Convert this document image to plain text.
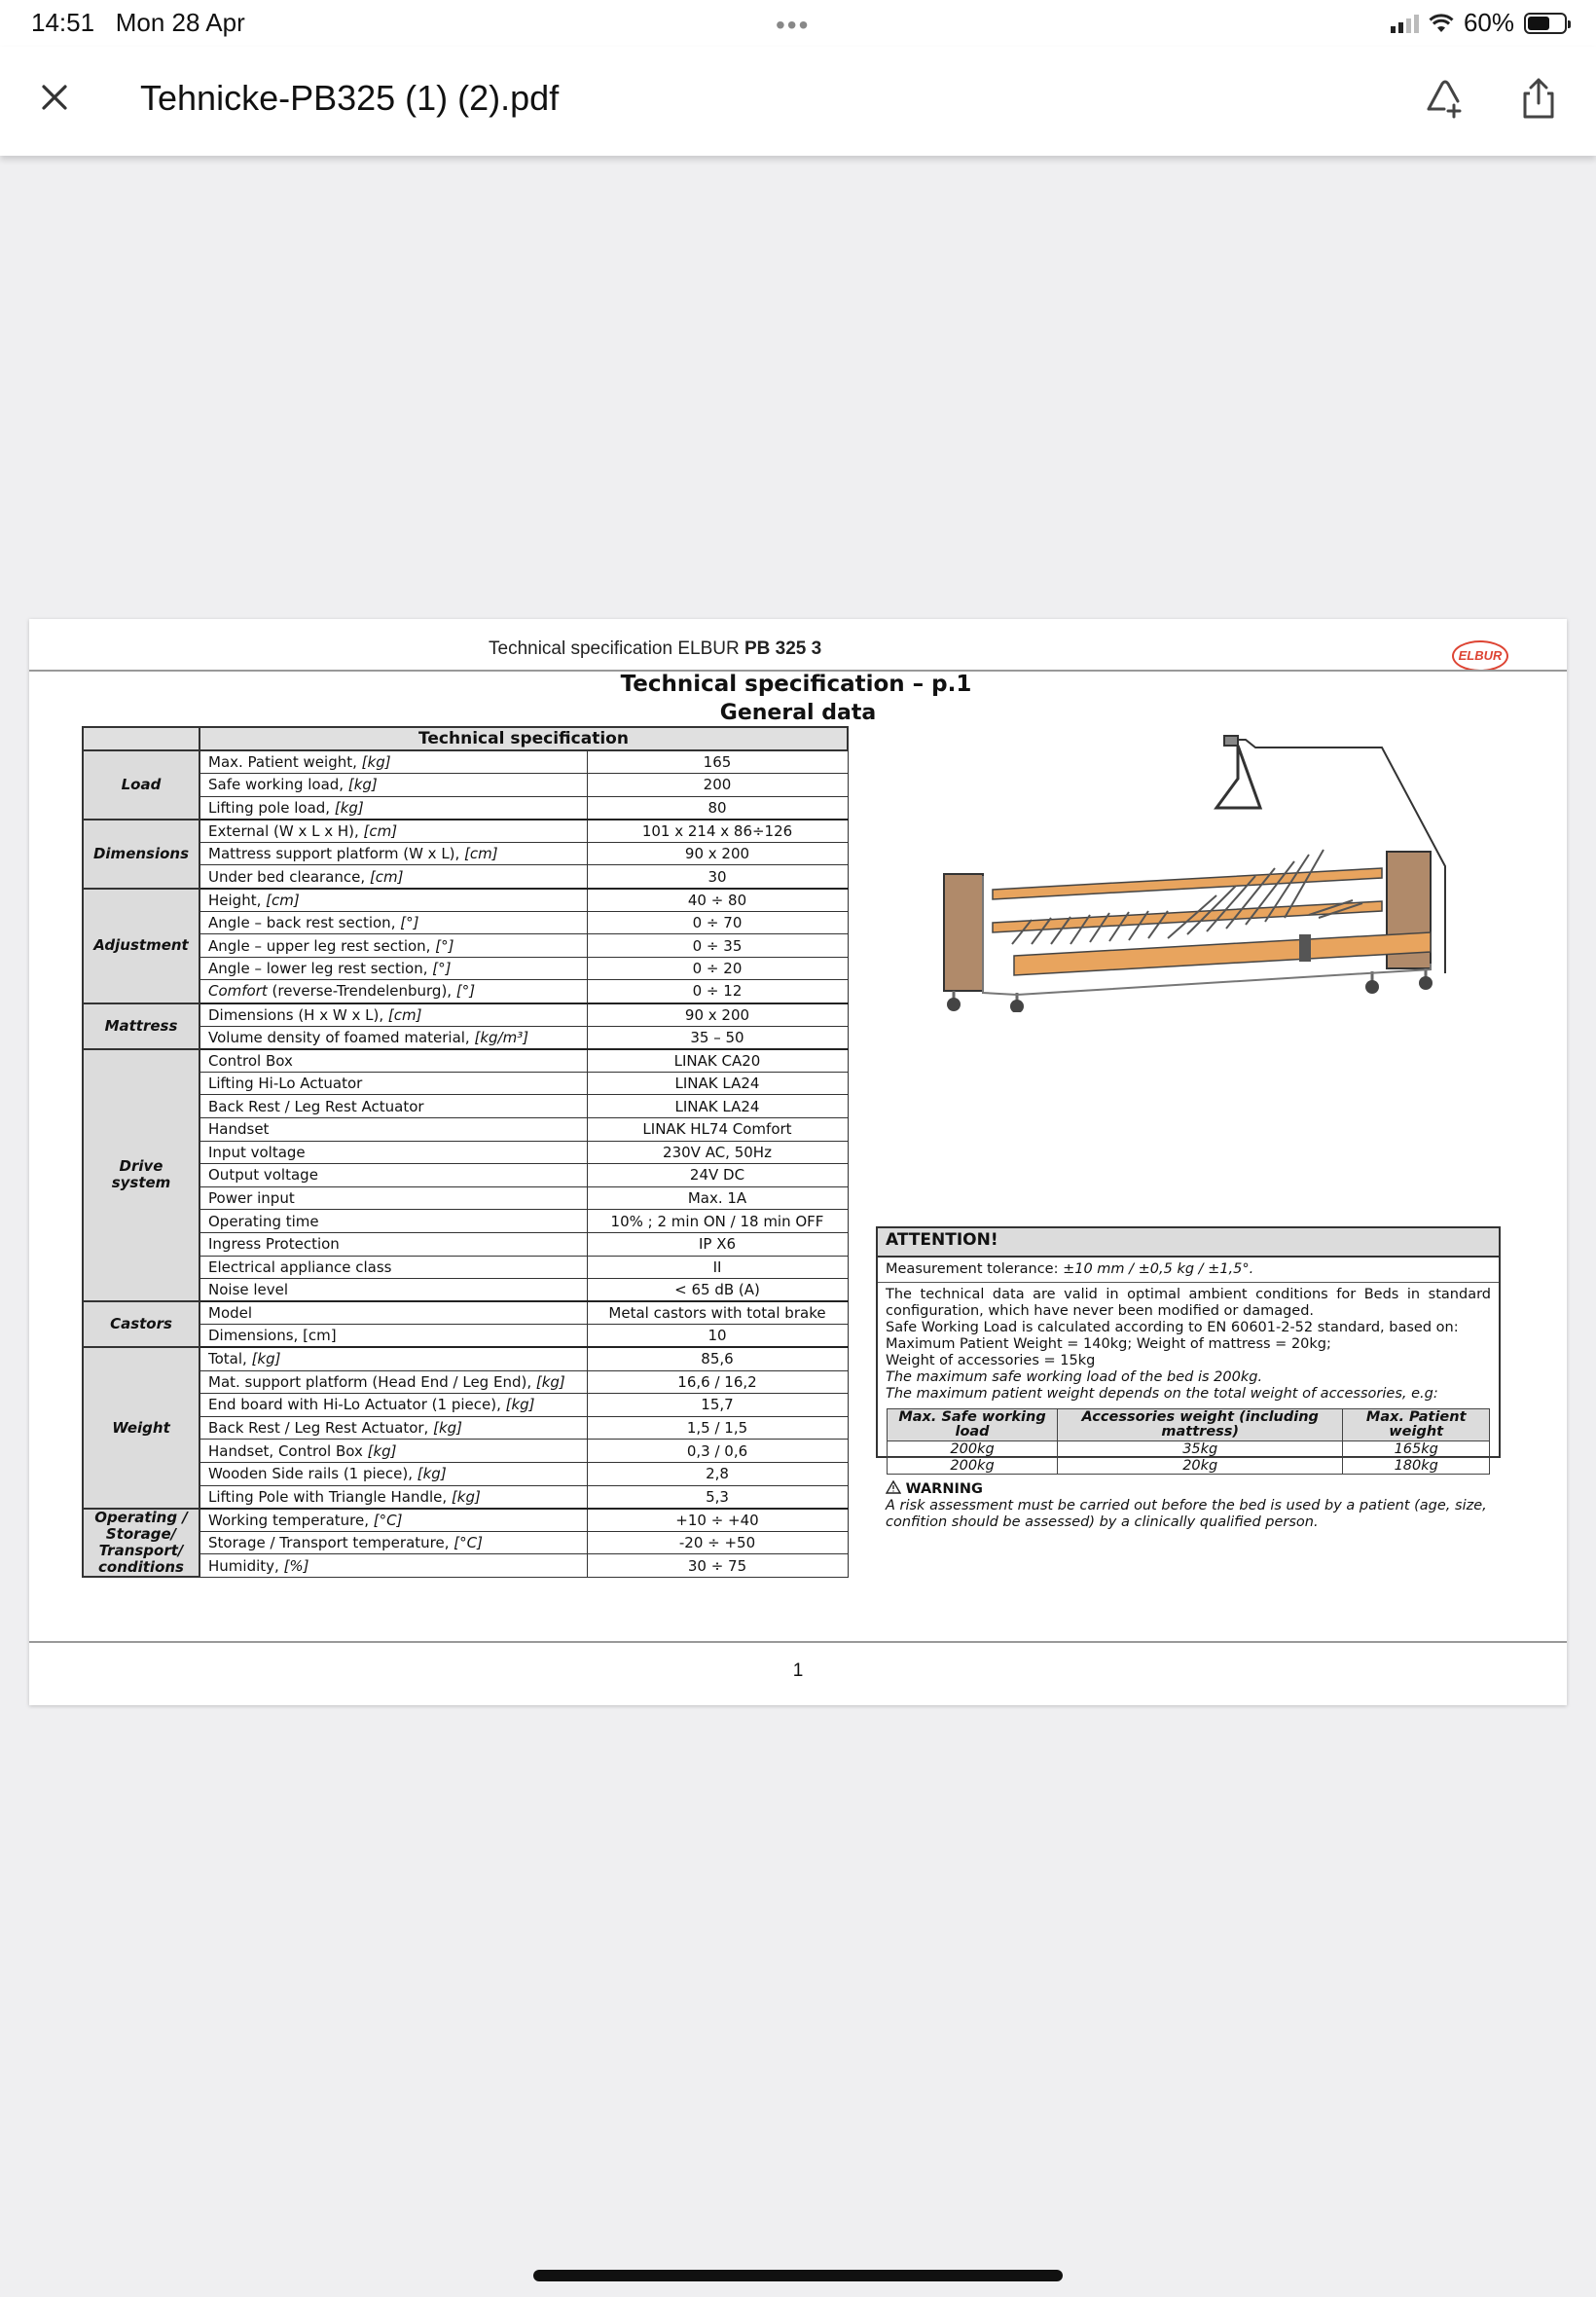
14:51 Mon 28 Apr	•••	60%
Tehnicke-PB325 (1) (2).pdf
Technical specification ELBUR PB 325 3	ELBUR
Technical specification – p.1
General data
	Technical specification	
Load	Max. Patient weight, [kg]	165
	Safe working load, [kg]	200
	Lifting pole load, [kg]	80
Dimensions	External (W x L x H), [cm]	101 x 214 x 86÷126
	Mattress support platform (W x L), [cm]	90 x 200
	Under bed clearance, [cm]	30
Adjustment	Height, [cm]	40 ÷ 80
	Angle – back rest section, [°]	0 ÷ 70
	Angle – upper leg rest section, [°]	0 ÷ 35
	Angle – lower leg rest section, [°]	0 ÷ 20
	Comfort (reverse-Trendelenburg), [°]	0 ÷ 12
Mattress	Dimensions (H x W x L), [cm]	90 x 200
	Volume density of foamed material, [kg/m³]	35 – 50
Drive system	Control Box	LINAK CA20
	Lifting Hi-Lo Actuator	LINAK LA24
	Back Rest / Leg Rest Actuator	LINAK LA24
	Handset	LINAK HL74 Comfort
	Input voltage	230V AC, 50Hz
	Output voltage	24V DC
	Power input	Max. 1A
	Operating time	10% ; 2 min ON / 18 min OFF
	Ingress Protection	IP X6
	Electrical appliance class	II
	Noise level	< 65 dB (A)
Castors	Model	Metal castors with total brake
	Dimensions, [cm]	10
Weight	Total, [kg]	85,6
	Mat. support platform (Head End / Leg End), [kg]	16,6 / 16,2
	End board with Hi-Lo Actuator (1 piece), [kg]	15,7
	Back Rest / Leg Rest Actuator, [kg]	1,5 / 1,5
	Handset, Control Box [kg]	0,3 / 0,6
	Wooden Side rails (1 piece), [kg]	2,8
	Lifting Pole with Triangle Handle, [kg]	5,3
Operating / Storage/ Transport/ conditions	Working temperature, [°C]	+10 ÷ +40
	Storage / Transport temperature, [°C]	-20 ÷ +50
	Humidity, [%]	30 ÷ 75
ATTENTION!
Measurement tolerance: ±10 mm / ±0,5 kg / ±1,5°.
The technical data are valid in optimal ambient conditions for Beds in standard configuration, which have never been modified or damaged.
Safe Working Load is calculated according to EN 60601-2-52 standard, based on:
Maximum Patient Weight = 140kg; Weight of mattress = 20kg;
Weight of accessories = 15kg
The maximum safe working load of the bed is 200kg.
The maximum patient weight depends on the total weight of accessories, e.g:
Max. Safe working load	Accessories weight (including mattress)	Max. Patient weight
200kg	35kg	165kg
200kg	20kg	180kg
WARNING
A risk assessment must be carried out before the bed is used by a patient (age, size, confition should be assessed) by a clinically qualified person.
1
